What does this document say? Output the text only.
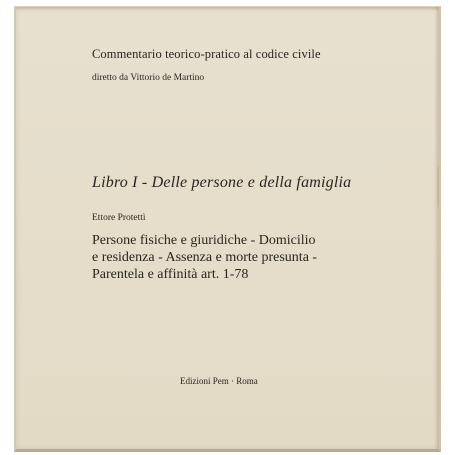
Commentario teorico-pratico al codice civile

diretto da Vittorio de Martino

Libro I - Delle persone e della famiglia

Ettore Protettì

Persone fisiche e giuridiche - Domicilio
e residenza - Assenza e morte presunta -
Parentela e affinità art. 1-78

Edizioni Pem · Roma
